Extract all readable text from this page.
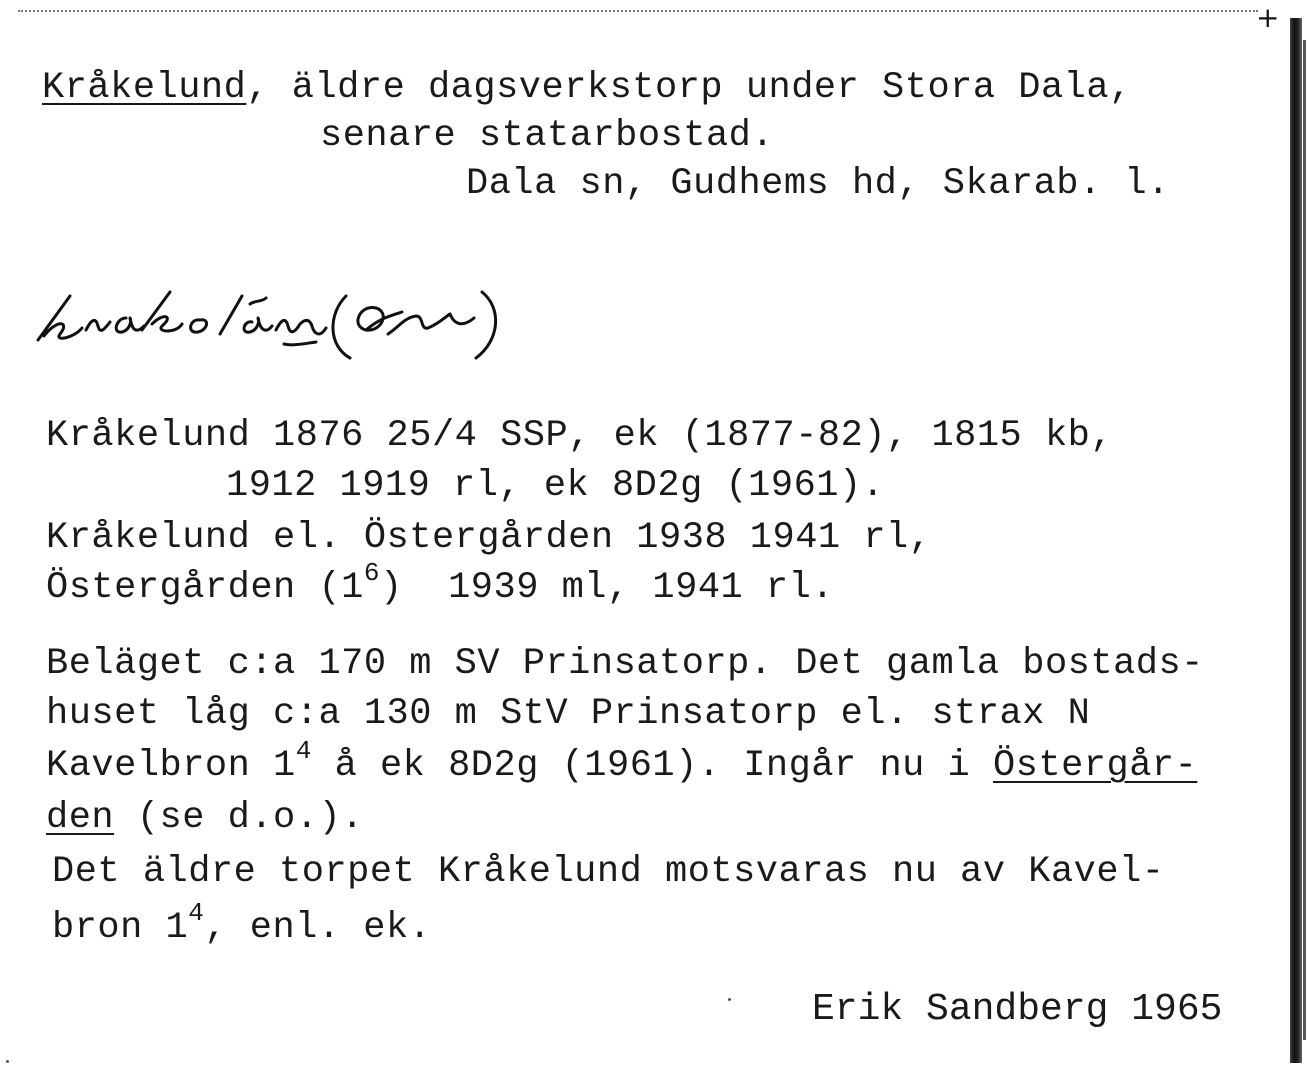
+
Kråkelund, äldre dagsverkstorp under Stora Dala,
senare statarbostad.
Dala sn, Gudhems hd, Skarab. l.
Kråkelund 1876 25/4 SSP, ek (1877-82), 1815 kb,
1912 1919 rl, ek 8D2g (1961).
Kråkelund el. Östergården 1938 1941 rl,
Östergården $(1^6)$  1939 ml, 1941 rl.
Beläget c:a 170 m SV Prinsatorp. Det gamla bostads-
huset låg c:a 130 m StV Prinsatorp el. strax N
Kavelbron $1^4$ å ek 8D2g (1961). Ingår nu i Östergår-
den (se d.o.).
Det äldre torpet Kråkelund motsvaras nu av Kavel-
bron $1^4$, enl. ek.
Erik Sandberg 1965
